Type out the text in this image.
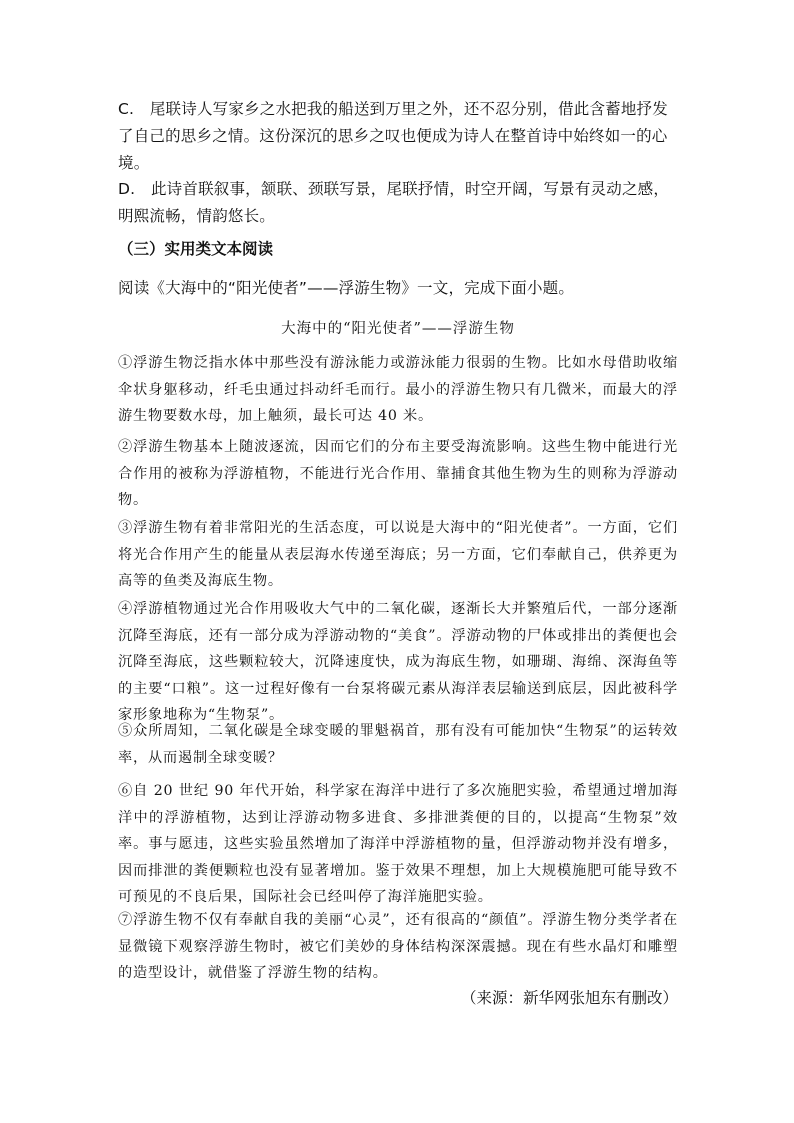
C.　尾联诗人写家乡之水把我的船送到万里之外，还不忍分别，借此含蓄地抒发了自己的思乡之情。这份深沉的思乡之叹也便成为诗人在整首诗中始终如一的心境。
D.　此诗首联叙事，颔联、颈联写景，尾联抒情，时空开阔，写景有灵动之感，明熙流畅，情韵悠长。
（三）实用类文本阅读
阅读《大海中的“阳光使者”——浮游生物》一文，完成下面小题。
大海中的“阳光使者”——浮游生物
①浮游生物泛指水体中那些没有游泳能力或游泳能力很弱的生物。比如水母借助收缩伞状身躯移动，纤毛虫通过抖动纤毛而行。最小的浮游生物只有几微米，而最大的浮游生物要数水母，加上触须，最长可达 40 米。
②浮游生物基本上随波逐流，因而它们的分布主要受海流影响。这些生物中能进行光合作用的被称为浮游植物，不能进行光合作用、靠捕食其他生物为生的则称为浮游动物。
③浮游生物有着非常阳光的生活态度，可以说是大海中的“阳光使者”。一方面，它们将光合作用产生的能量从表层海水传递至海底；另一方面，它们奉献自己，供养更为高等的鱼类及海底生物。
④浮游植物通过光合作用吸收大气中的二氧化碳，逐渐长大并繁殖后代，一部分逐渐沉降至海底，还有一部分成为浮游动物的“美食”。浮游动物的尸体或排出的粪便也会沉降至海底，这些颗粒较大，沉降速度快，成为海底生物，如珊瑚、海绵、深海鱼等的主要“口粮”。这一过程好像有一台泵将碳元素从海洋表层输送到底层，因此被科学家形象地称为“生物泵”。
⑤众所周知，二氧化碳是全球变暖的罪魁祸首，那有没有可能加快“生物泵”的运转效率，从而遏制全球变暖？
⑥自 20 世纪 90 年代开始，科学家在海洋中进行了多次施肥实验，希望通过增加海洋中的浮游植物，达到让浮游动物多进食、多排泄粪便的目的，以提高“生物泵”效率。事与愿违，这些实验虽然增加了海洋中浮游植物的量，但浮游动物并没有增多，因而排泄的粪便颗粒也没有显著增加。鉴于效果不理想，加上大规模施肥可能导致不可预见的不良后果，国际社会已经叫停了海洋施肥实验。
⑦浮游生物不仅有奉献自我的美丽“心灵”，还有很高的“颜值”。浮游生物分类学者在显微镜下观察浮游生物时，被它们美妙的身体结构深深震撼。现在有些水晶灯和雕塑的造型设计，就借鉴了浮游生物的结构。
（来源：新华网张旭东有删改）
